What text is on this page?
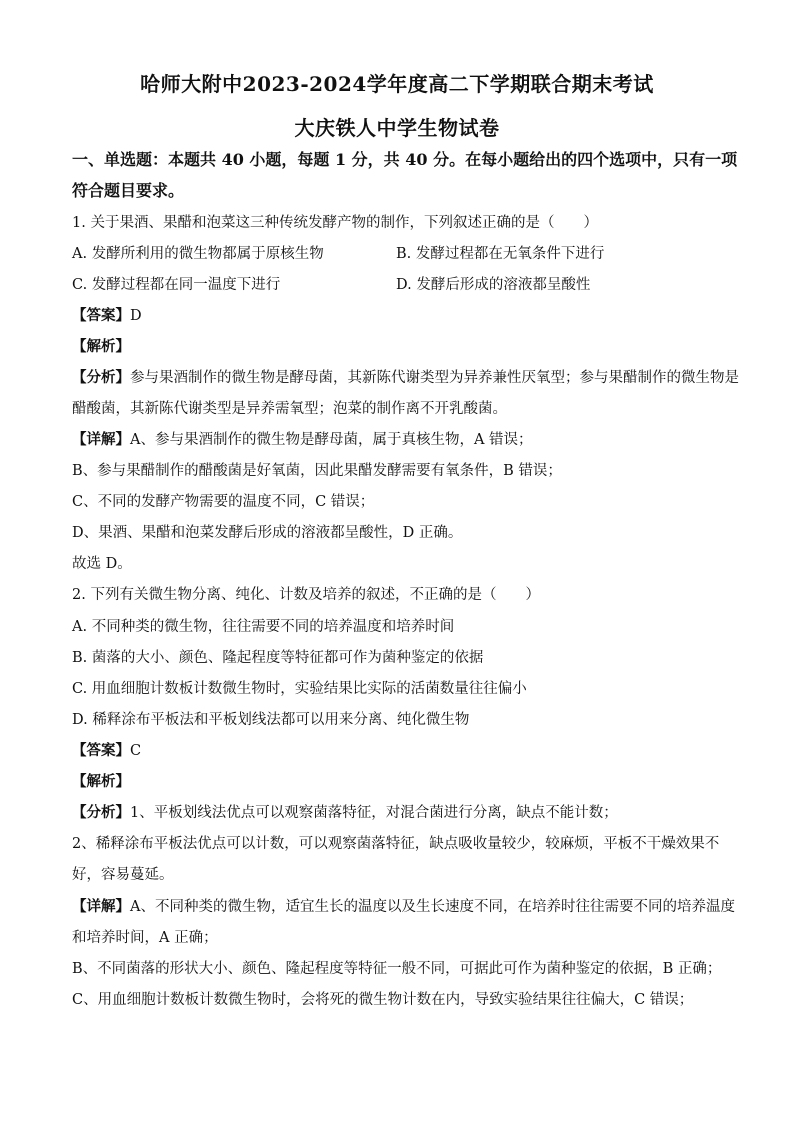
哈师大附中2023-2024学年度高二下学期联合期末考试
大庆铁人中学生物试卷
一、单选题：本题共 40 小题，每题 1 分，共 40 分。在每小题给出的四个选项中，只有一项
符合题目要求。
1. 关于果酒、果醋和泡菜这三种传统发酵产物的制作，下列叙述正确的是（　　）
A. 发酵所利用的微生物都属于原核生物	B. 发酵过程都在无氧条件下进行
C. 发酵过程都在同一温度下进行	D. 发酵后形成的溶液都呈酸性
【答案】D
【解析】
【分析】参与果酒制作的微生物是酵母菌，其新陈代谢类型为异养兼性厌氧型；参与果醋制作的微生物是
醋酸菌，其新陈代谢类型是异养需氧型；泡菜的制作离不开乳酸菌。
【详解】A、参与果酒制作的微生物是酵母菌，属于真核生物，A 错误；
B、参与果醋制作的醋酸菌是好氧菌，因此果醋发酵需要有氧条件，B 错误；
C、不同的发酵产物需要的温度不同，C 错误；
D、果酒、果醋和泡菜发酵后形成的溶液都呈酸性，D 正确。
故选 D。
2. 下列有关微生物分离、纯化、计数及培养的叙述，不正确的是（　　）
A. 不同种类的微生物，往往需要不同的培养温度和培养时间
B. 菌落的大小、颜色、隆起程度等特征都可作为菌种鉴定的依据
C. 用血细胞计数板计数微生物时，实验结果比实际的活菌数量往往偏小
D. 稀释涂布平板法和平板划线法都可以用来分离、纯化微生物
【答案】C
【解析】
【分析】1、平板划线法优点可以观察菌落特征，对混合菌进行分离，缺点不能计数；
2、稀释涂布平板法优点可以计数，可以观察菌落特征，缺点吸收量较少，较麻烦，平板不干燥效果不
好，容易蔓延。
【详解】A、不同种类的微生物，适宜生长的温度以及生长速度不同，在培养时往往需要不同的培养温度
和培养时间，A 正确；
B、不同菌落的形状大小、颜色、隆起程度等特征一般不同，可据此可作为菌种鉴定的依据，B 正确；
C、用血细胞计数板计数微生物时，会将死的微生物计数在内，导致实验结果往往偏大，C 错误；
